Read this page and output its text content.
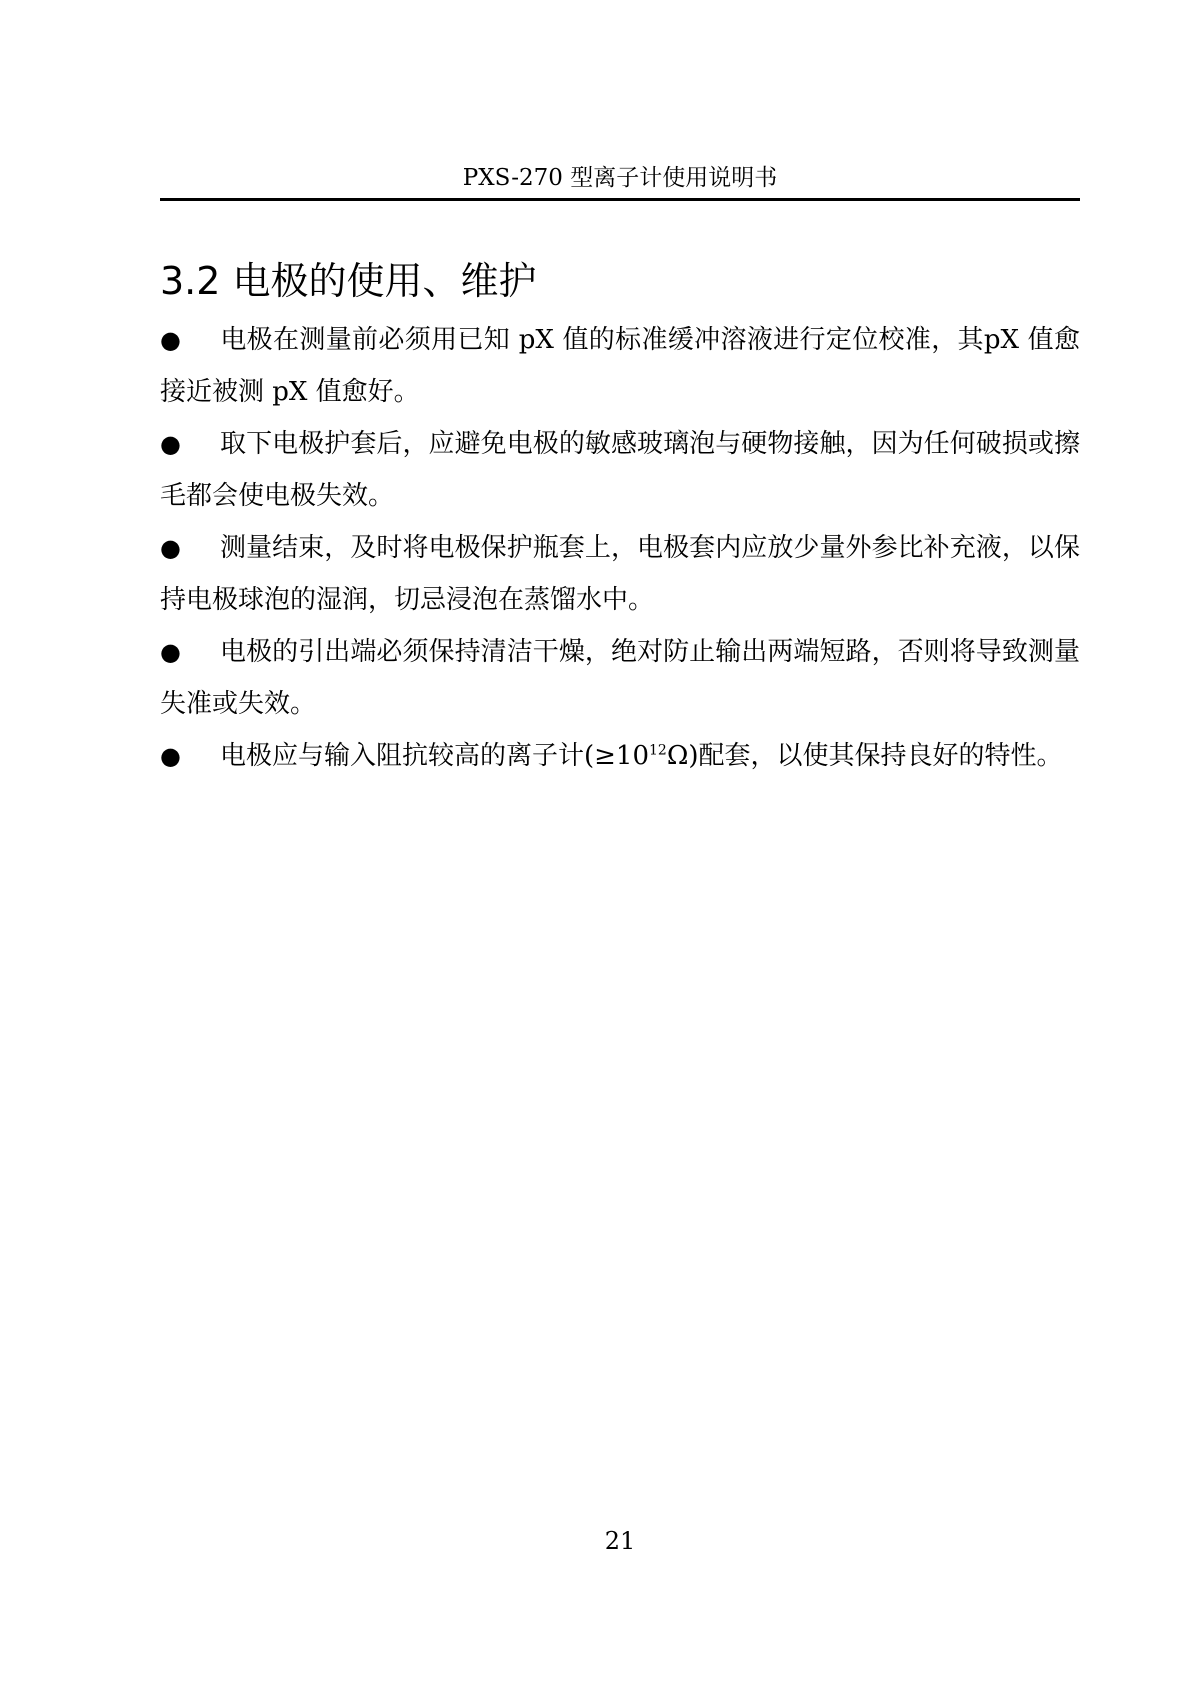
PXS-270 型离子计使用说明书
3.2 电极的使用、维护

● 电极在测量前必须用已知 pX 值的标准缓冲溶液进行定位校准，其pX 值愈接近被测 pX 值愈好。

● 取下电极护套后，应避免电极的敏感玻璃泡与硬物接触，因为任何破损或擦毛都会使电极失效。

● 测量结束，及时将电极保护瓶套上，电极套内应放少量外参比补充液，以保持电极球泡的湿润，切忌浸泡在蒸馏水中。

● 电极的引出端必须保持清洁干燥，绝对防止输出两端短路，否则将导致测量失准或失效。

● 电极应与输入阻抗较高的离子计$(\ge 10^{12}\Omega)$配套，以使其保持良好的特性。

21
